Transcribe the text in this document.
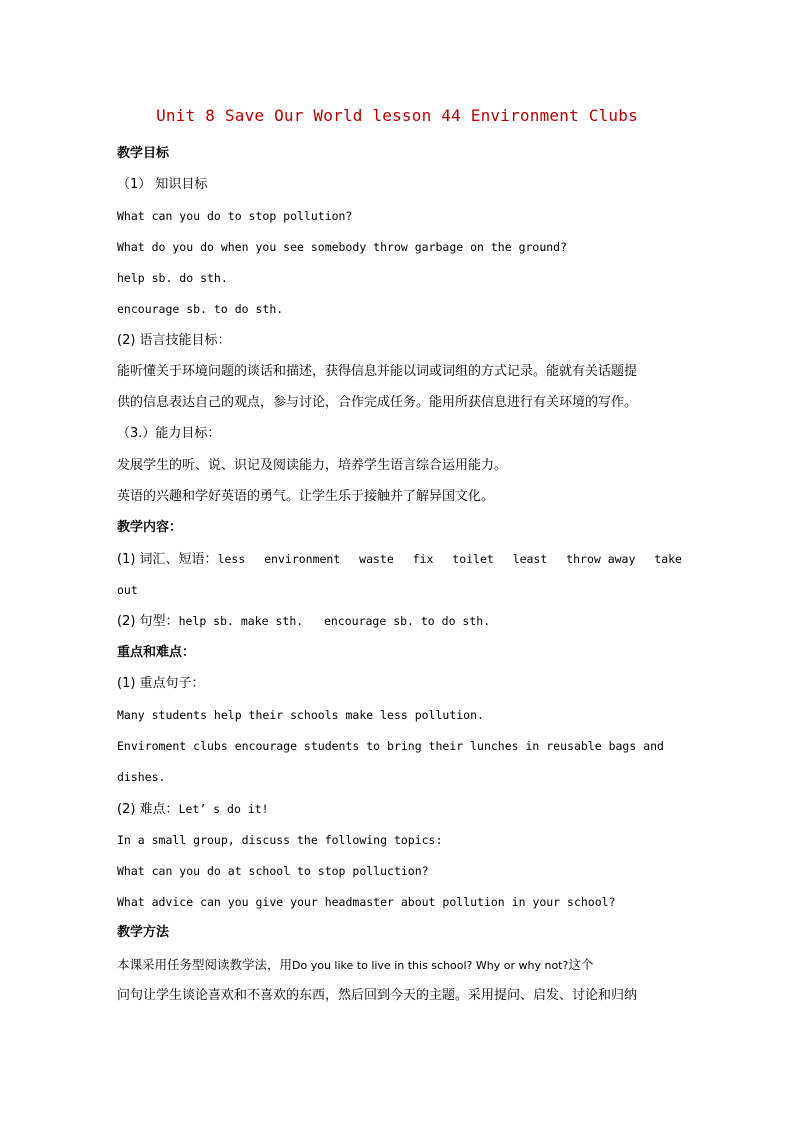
Unit 8 Save Our World lesson 44 Environment Clubs
教学目标
（1） 知识目标
What can you do to stop pollution?
What do you do when you see somebody throw garbage on the ground?
help sb. do sth.
encourage sb. to do sth.
(2) 语言技能目标：
能听懂关于环境问题的谈话和描述，获得信息并能以词或词组的方式记录。能就有关话题提
供的信息表达自己的观点，参与讨论，合作完成任务。能用所获信息进行有关环境的写作。
（3.）能力目标：
发展学生的听、说、识记及阅读能力，培养学生语言综合运用能力。
英语的兴趣和学好英语的勇气。让学生乐于接触并了解异国文化。
教学内容：
(1) 词汇、短语：less environment waste fix toilet least throw away take
out
(2) 句型：help sb. make sth.   encourage sb. to do sth.
重点和难点：
(1) 重点句子：
Many students help their schools make less pollution.
Enviroment clubs encourage students to bring their lunches in reusable bags and
dishes.
(2) 难点：Let’ s do it!
In a small group, discuss the following topics:
What can you do at school to stop polluction?
What advice can you give your headmaster about pollution in your school?
教学方法
本课采用任务型阅读教学法，用Do you like to live in this school? Why or why not?这个
问句让学生谈论喜欢和不喜欢的东西，然后回到今天的主题。采用提问、启发、讨论和归纳
